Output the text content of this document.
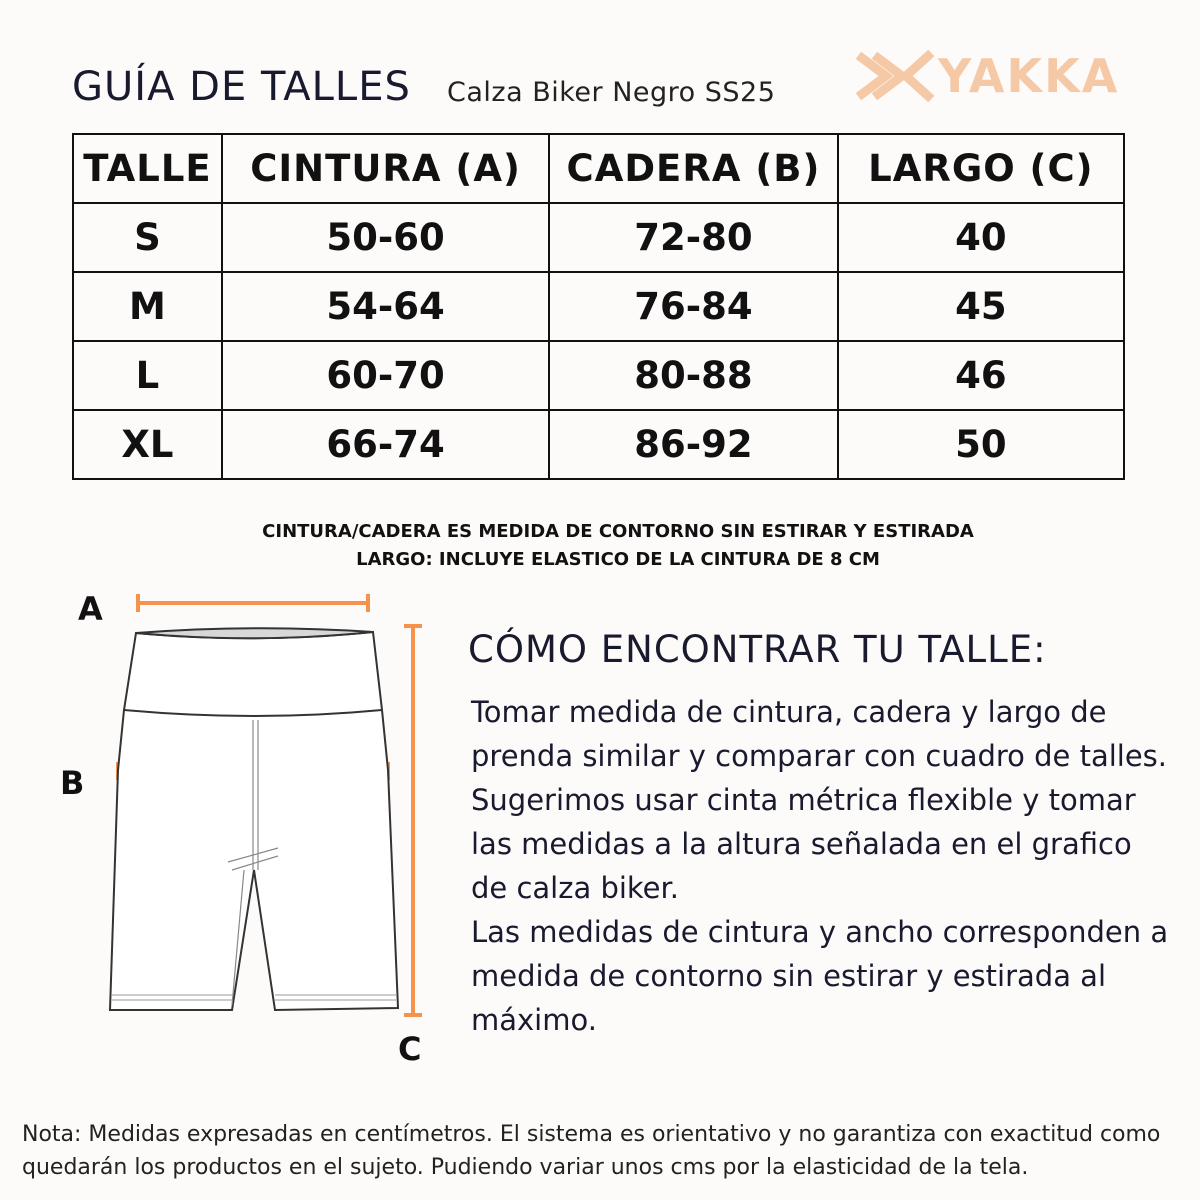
GUÍA DE TALLES Calza Biker Negro SS25	YAKKA
TALLE	CINTURA (A)	CADERA (B)	LARGO (C)
S	50-60	72-80	40
M	54-64	76-84	45
L	60-70	80-88	46
XL	66-74	86-92	50
CINTURA/CADERA ES MEDIDA DE CONTORNO SIN ESTIRAR Y ESTIRADA
LARGO: INCLUYE ELASTICO DE LA CINTURA DE 8 CM
A
B
C
CÓMO ENCONTRAR TU TALLE:

Tomar medida de cintura, cadera y largo de prenda similar y comparar con cuadro de talles. Sugerimos usar cinta métrica flexible y tomar las medidas a la altura señalada en el grafico de calza biker.

Las medidas de cintura y ancho corresponden a medida de contorno sin estirar y estirada al máximo.

Nota: Medidas expresadas en centímetros. El sistema es orientativo y no garantiza con exactitud como quedarán los productos en el sujeto. Pudiendo variar unos cms por la elasticidad de la tela.
